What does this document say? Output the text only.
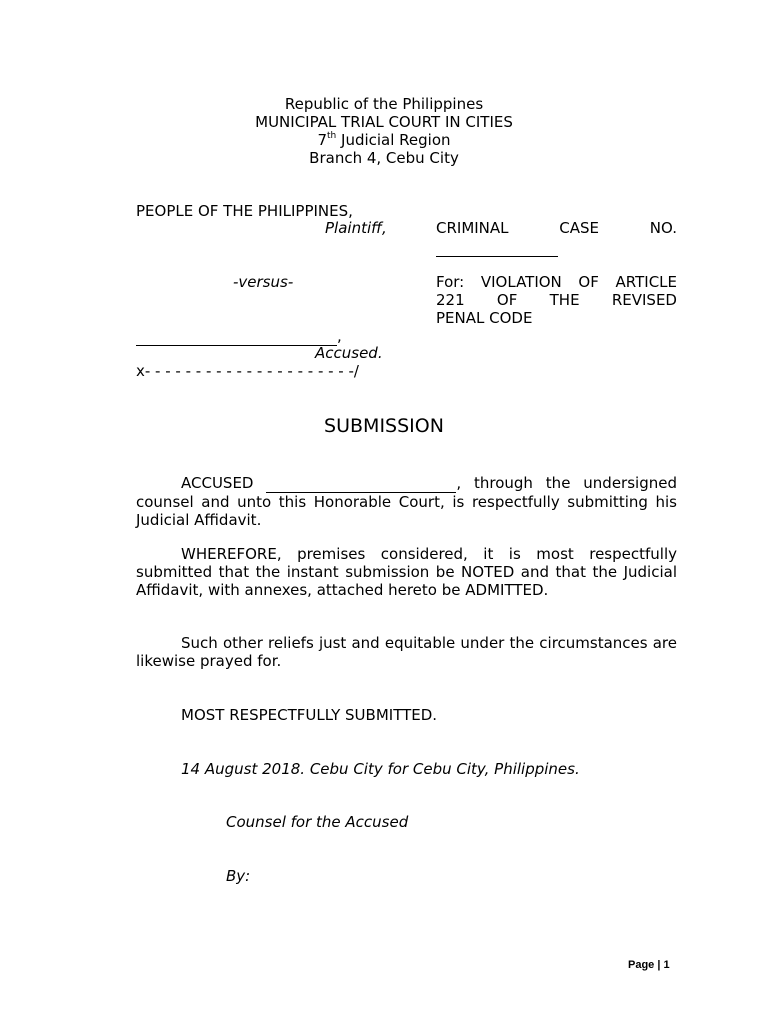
Republic of the Philippines
MUNICIPAL TRIAL COURT IN CITIES
7th Judicial Region
Branch 4, Cebu City
PEOPLE OF THE PHILIPPINES,
Plaintiff,
-versus-
,
Accused.
x- - - - - - - - - - - - - - - - - - - - -/
CRIMINAL CASE NO.

For: VIOLATION OF ARTICLE
221 OF THE REVISED
PENAL CODE
SUBMISSION
ACCUSED	, through the undersigned counsel and unto this Honorable Court, is respectfully submitting his Judicial Affidavit.
WHEREFORE, premises considered, it is most respectfully submitted that the instant submission be NOTED and that the Judicial Affidavit, with annexes, attached hereto be ADMITTED.
Such other reliefs just and equitable under the circumstances are likewise prayed for.
MOST RESPECTFULLY SUBMITTED.
14 August 2018. Cebu City for Cebu City, Philippines.
Counsel for the Accused
By:
Page | 1
